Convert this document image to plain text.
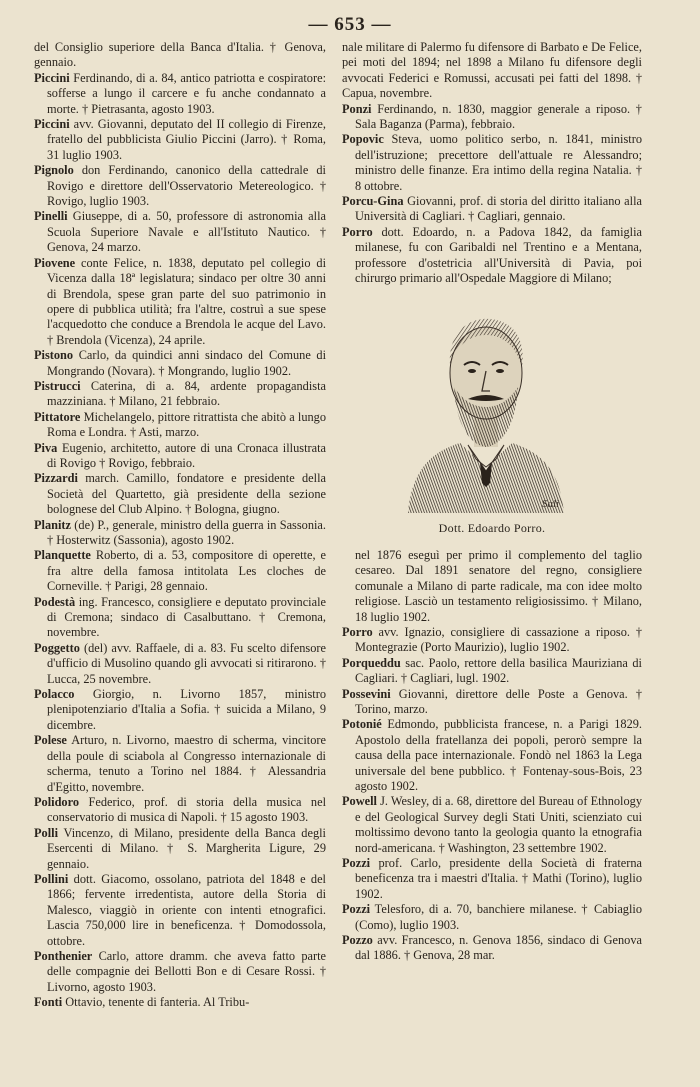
— 653 —

del Consiglio superiore della Banca d'Italia. † Genova, gennaio.

Piccini Ferdinando, di a. 84, antico patriotta e cospiratore: sofferse a lungo il carcere e fu anche condannato a morte. † Pietrasanta, agosto 1903.

Piccini avv. Giovanni, deputato del II collegio di Firenze, fratello del pubblicista Giulio Piccini (Jarro). † Roma, 31 luglio 1903.

Pignolo don Ferdinando, canonico della cattedrale di Rovigo e direttore dell'Osservatorio Metereologico. † Rovigo, luglio 1903.

Pinelli Giuseppe, di a. 50, professore di astronomia alla Scuola Superiore Navale e all'Istituto Nautico. † Genova, 24 marzo.

Piovene conte Felice, n. 1838, deputato pel collegio di Vicenza dalla 18ª legislatura; sindaco per oltre 30 anni di Brendola, spese gran parte del suo patrimonio in opere di pubblica utilità; fra l'altre, costruì a sue spese l'acquedotto che conduce a Brendola le acque del Lavo. † Brendola (Vicenza), 24 aprile.

Pistono Carlo, da quindici anni sindaco del Comune di Mongrando (Novara). † Mongrando, luglio 1902.

Pistrucci Caterina, di a. 84, ardente propagandista mazziniana. † Milano, 21 febbraio.

Pittatore Michelangelo, pittore ritrattista che abitò a lungo Roma e Londra. † Asti, marzo.

Piva Eugenio, architetto, autore di una Cronaca illustrata di Rovigo † Rovigo, febbraio.

Pizzardi march. Camillo, fondatore e presidente della Società del Quartetto, già presidente della sezione bolognese del Club Alpino. † Bologna, giugno.

Planitz (de) P., generale, ministro della guerra in Sassonia. † Hosterwitz (Sassonia), agosto 1902.

Planquette Roberto, di a. 53, compositore di operette, e fra altre della famosa intitolata Les cloches de Corneville. † Parigi, 28 gennaio.

Podestà ing. Francesco, consigliere e deputato provinciale di Cremona; sindaco di Casalbuttano. † Cremona, novembre.

Poggetto (del) avv. Raffaele, di a. 83. Fu scelto difensore d'ufficio di Musolino quando gli avvocati si ritirarono. † Lucca, 25 novembre.

Polacco Giorgio, n. Livorno 1857, ministro plenipotenziario d'Italia a Sofia. † suicida a Milano, 9 dicembre.

Polese Arturo, n. Livorno, maestro di scherma, vincitore della poule di sciabola al Congresso internazionale di scherma, tenuto a Torino nel 1884. † Alessandria d'Egitto, novembre.

Polidoro Federico, prof. di storia della musica nel conservatorio di musica di Napoli. † 15 agosto 1903.

Polli Vincenzo, di Milano, presidente della Banca degli Esercenti di Milano. † S. Margherita Ligure, 29 gennaio.

Pollini dott. Giacomo, ossolano, patriota del 1848 e del 1866; fervente irredentista, autore della Storia di Malesco, viaggiò in oriente con intenti etnografici. Lascia 750,000 lire in beneficenza. † Domodossola, ottobre.

Ponthenier Carlo, attore dramm. che aveva fatto parte delle compagnie dei Bellotti Bon e di Cesare Rossi. † Livorno, agosto 1903.

Fonti Ottavio, tenente di fanteria. Al Tribu-

nale militare di Palermo fu difensore di Barbato e De Felice, pei moti del 1894; nel 1898 a Milano fu difensore degli avvocati Federici e Romussi, accusati pei fatti del 1898. † Capua, novembre.

Ponzi Ferdinando, n. 1830, maggior generale a riposo. † Sala Baganza (Parma), febbraio.

Popovic Steva, uomo politico serbo, n. 1841, ministro dell'istruzione; precettore dell'attuale re Alessandro; ministro delle finanze. Era intimo della regina Natalia. † 8 ottobre.

Porcu-Gina Giovanni, prof. di storia del diritto italiano alla Università di Cagliari. † Cagliari, gennaio.

Porro dott. Edoardo, n. a Padova 1842, da famiglia milanese, fu con Garibaldi nel Trentino e a Mentana, professore d'ostetricia all'Università di Pavia, poi chirurgo primario all'Ospedale Maggiore di Milano;

Sali
Dott. Edoardo Porro.

nel 1876 eseguì per primo il complemento del taglio cesareo. Dal 1891 senatore del regno, consigliere comunale a Milano di parte radicale, ma con idee molto religiose. Lasciò un testamento religiosissimo. † Milano, 18 luglio 1902.

Porro avv. Ignazio, consigliere di cassazione a riposo. † Montegrazie (Porto Maurizio), luglio 1902.

Porqueddu sac. Paolo, rettore della basilica Mauriziana di Cagliari. † Cagliari, lugl. 1902.

Possevini Giovanni, direttore delle Poste a Genova. † Torino, marzo.

Potonié Edmondo, pubblicista francese, n. a Parigi 1829. Apostolo della fratellanza dei popoli, perorò sempre la causa della pace internazionale. Fondò nel 1863 la Lega universale del bene pubblico. † Fontenay-sous-Bois, 23 agosto 1902.

Powell J. Wesley, di a. 68, direttore del Bureau of Ethnology e del Geological Survey degli Stati Uniti, scienziato cui moltissimo devono tanto la geologia quanto la etnografia nord-americana. † Washington, 23 settembre 1902.

Pozzi prof. Carlo, presidente della Società di fraterna beneficenza tra i maestri d'Italia. † Mathi (Torino), luglio 1902.

Pozzi Telesforo, di a. 70, banchiere milanese. † Cabiaglio (Como), luglio 1903.

Pozzo avv. Francesco, n. Genova 1856, sindaco di Genova dal 1886. † Genova, 28 mar.
